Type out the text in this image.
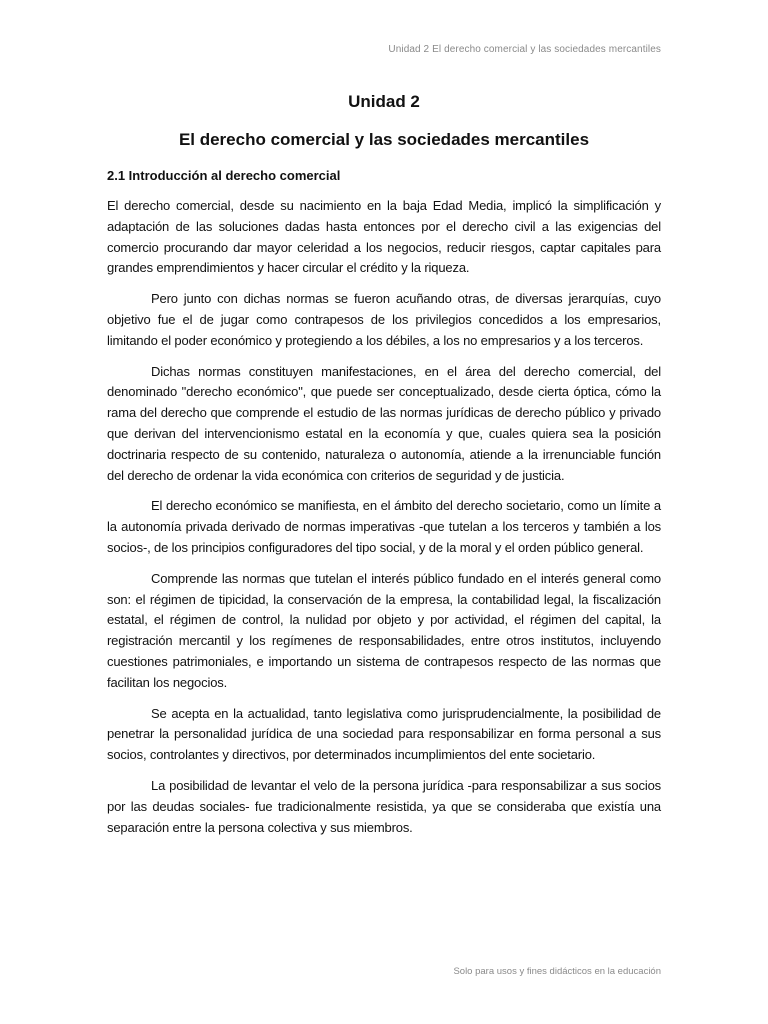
Unidad 2 El derecho comercial y las sociedades mercantiles
Unidad 2
El derecho comercial y las sociedades mercantiles
2.1 Introducción al derecho comercial

El derecho comercial, desde su nacimiento en la baja Edad Media, implicó la simplificación y adaptación de las soluciones dadas hasta entonces por el derecho civil a las exigencias del comercio procurando dar mayor celeridad a los negocios, reducir riesgos, captar capitales para grandes emprendimientos y hacer circular el crédito y la riqueza.

Pero junto con dichas normas se fueron acuñando otras, de diversas jerarquías, cuyo objetivo fue el de jugar como contrapesos de los privilegios concedidos a los empresarios, limitando el poder económico y protegiendo a los débiles, a los no empresarios y a los terceros.

Dichas normas constituyen manifestaciones, en el área del derecho comercial, del denominado "derecho económico", que puede ser conceptualizado, desde cierta óptica, cómo la rama del derecho que comprende el estudio de las normas jurídicas de derecho público y privado que derivan del intervencionismo estatal en la economía y que, cuales quiera sea la posición doctrinaria respecto de su contenido, naturaleza o autonomía, atiende a la irrenunciable función del derecho de ordenar la vida económica con criterios de seguridad y de justicia.

El derecho económico se manifiesta, en el ámbito del derecho societario, como un límite a la autonomía privada derivado de normas imperativas -que tutelan a los terceros y también a los socios-, de los principios configuradores del tipo social, y de la moral y el orden público general.

Comprende las normas que tutelan el interés público fundado en el interés general como son: el régimen de tipicidad, la conservación de la empresa, la contabilidad legal, la fiscalización estatal, el régimen de control, la nulidad por objeto y por actividad, el régimen del capital, la registración mercantil y los regímenes de responsabilidades, entre otros institutos, incluyendo cuestiones patrimoniales, e importando un sistema de contrapesos respecto de las normas que facilitan los negocios.

Se acepta en la actualidad, tanto legislativa como jurisprudencialmente, la posibilidad de penetrar la personalidad jurídica de una sociedad para responsabilizar en forma personal a sus socios, controlantes y directivos, por determinados incumplimientos del ente societario.

La posibilidad de levantar el velo de la persona jurídica -para responsabilizar a sus socios por las deudas sociales- fue tradicionalmente resistida, ya que se consideraba que existía una separación entre la persona colectiva y sus miembros.

Solo para usos y fines didácticos en la educación
